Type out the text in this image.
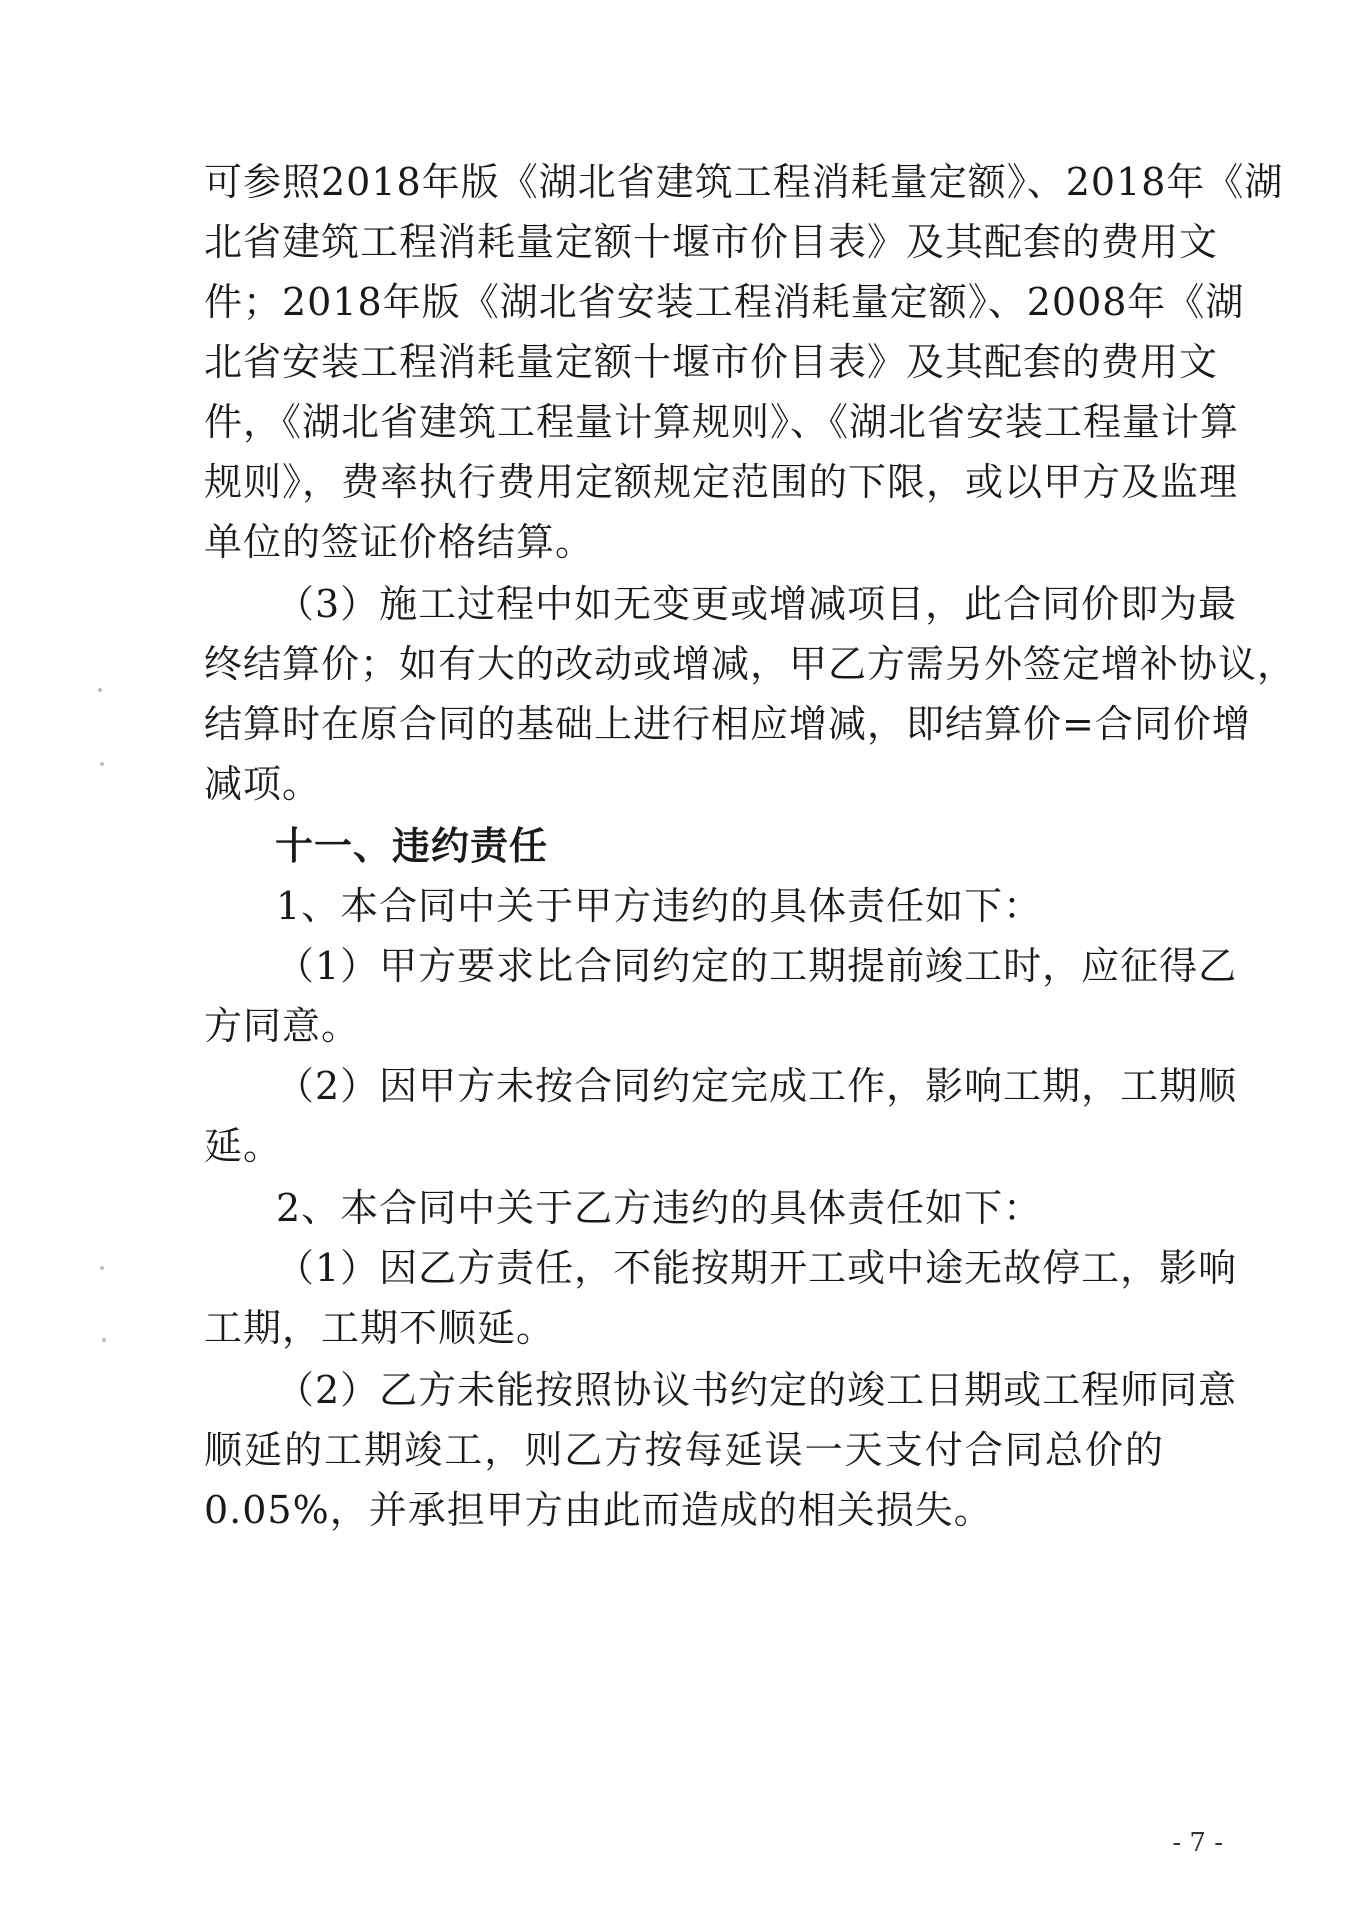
可参照2018年版《湖北省建筑工程消耗量定额》、2018年《湖
北省建筑工程消耗量定额十堰市价目表》及其配套的费用文
件；2018年版《湖北省安装工程消耗量定额》、2008年《湖
北省安装工程消耗量定额十堰市价目表》及其配套的费用文
件，《湖北省建筑工程量计算规则》、《湖北省安装工程量计算
规则》，费率执行费用定额规定范围的下限，或以甲方及监理
单位的签证价格结算。
（3）施工过程中如无变更或增减项目，此合同价即为最
终结算价；如有大的改动或增减，甲乙方需另外签定增补协议，
结算时在原合同的基础上进行相应增减，即结算价=合同价增
减项。
十一、违约责任
1、本合同中关于甲方违约的具体责任如下：
（1）甲方要求比合同约定的工期提前竣工时，应征得乙
方同意。
（2）因甲方未按合同约定完成工作，影响工期，工期顺
延。
2、本合同中关于乙方违约的具体责任如下：
（1）因乙方责任，不能按期开工或中途无故停工，影响
工期，工期不顺延。
（2）乙方未能按照协议书约定的竣工日期或工程师同意
顺延的工期竣工，则乙方按每延误一天支付合同总价的
0.05%，并承担甲方由此而造成的相关损失。
- 7 -
